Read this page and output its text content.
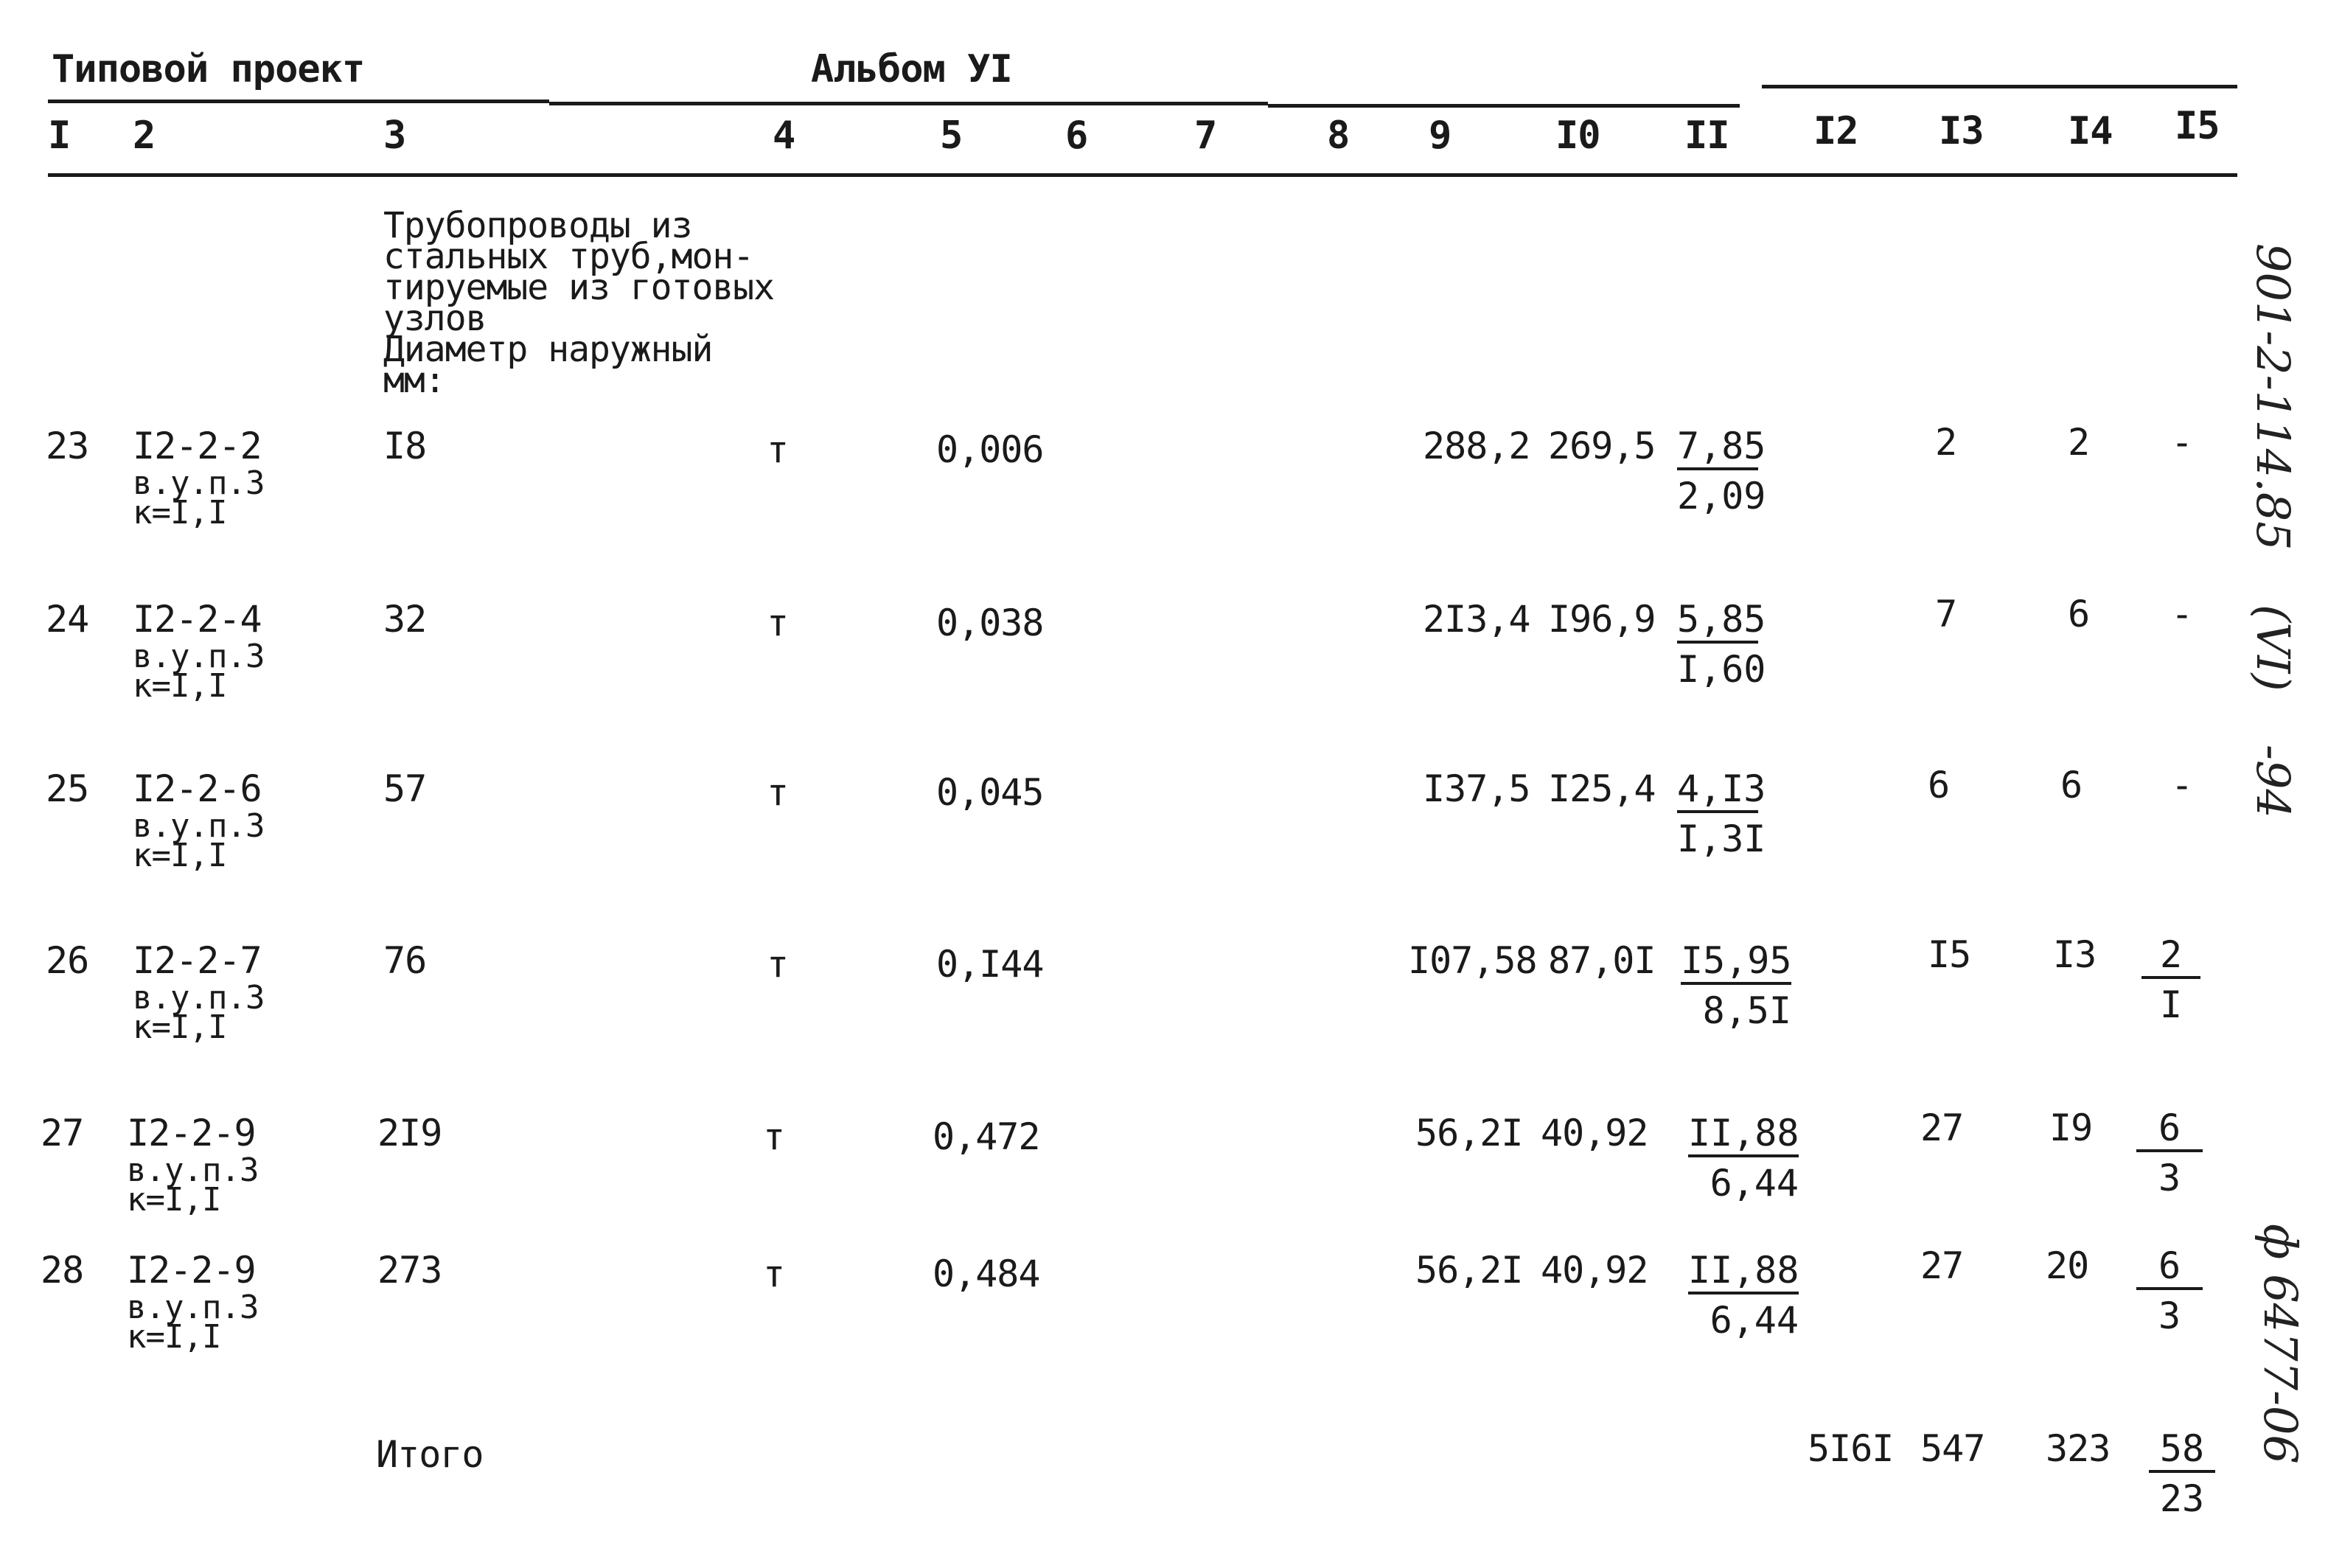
Типовой проект	Альбом УI
I 2	3	4	5	6	7	8 9	I0 II I2 I3 I4 I5
Трубопроводы из
стальных труб,мон-
тируемые из готовых
узлов
Диаметр наружный
мм:
23 I2-2-2
в.у.п.3
к=I,I
I8	т	0,006	288,2 $269,5 \frac{7,85}{2,09}$	2	2 -
24 I2-2-4
в.у.п.3
к=I,I
32	т	0,038	2I3,4 $I96,9 \frac{5,85}{I,60}$	7	6 -
25 I2-2-6
в.у.п.3
к=I,I
57	т	0,045	I37,5 $I25,4 \frac{4,I3}{I,3I}$	6	6 -
26 I2-2-7
в.у.п.3
к=I,I
76	т	0,I44	I07,58 $87,0I \frac{I5,95}{8,5I}$	I5 $I3 \frac{2}{I}$
27 I2-2-9
в.у.п.3
к=I,I
2I9	т	0,472	56,2I $40,92 \frac{II,88}{6,44}$	27 $I9 \frac{6}{3}$
28 I2-2-9
в.у.п.3
к=I,I
273	т	0,484	56,2I $40,92 \frac{II,88}{6,44}$	27 $20 \frac{6}{3}$
Итого	5I6I 547 $323 \frac{58}{23}$
901-2-114.85
(VI)
-94
ф 6477-06
